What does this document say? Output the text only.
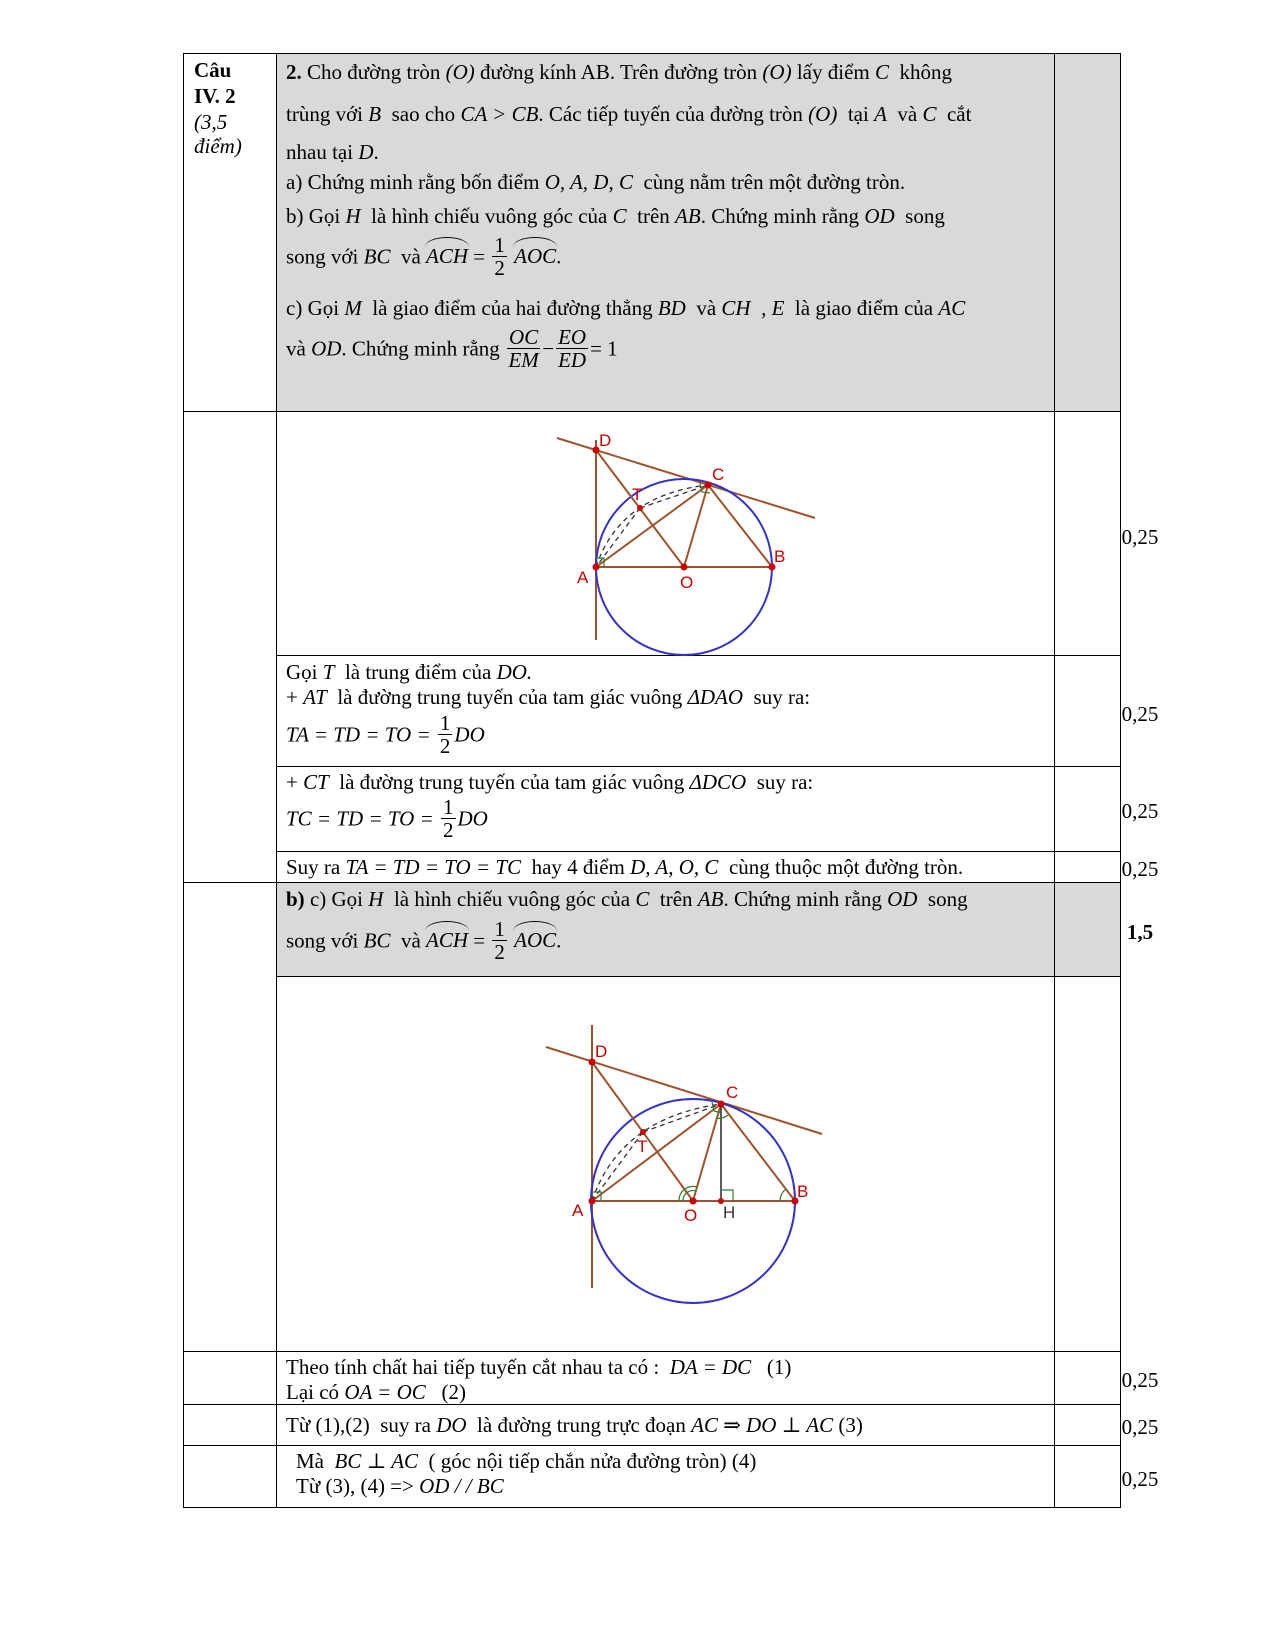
Câu
IV. 2
(3,5
điểm)
2. Cho đường tròn (O) đường kính AB. Trên đường tròn (O) lấy điểm C không
trùng với B sao cho CA > CB. Các tiếp tuyến của đường tròn (O) tại A và C cắt
nhau tại D.
a) Chứng minh rằng bốn điểm O, A, D, C cùng nằm trên một đường tròn.
b) Gọi H là hình chiếu vuông góc của C trên AB. Chứng minh rằng OD song
song với BC và ACH = $\frac{1}{2}$ AOC.
c) Gọi M là giao điểm của hai đường thẳng BD và CH , E là giao điểm của AC
và OD. Chứng minh rằng $\frac{OC}{EM} - \frac{EO}{ED} = 1$
D
C
T
B
A	O
Gọi T là trung điểm của DO.
+ AT là đường trung tuyến của tam giác vuông ΔDAO suy ra:
TA = TD = TO = $\frac{1}{2}$ DO
+ CT là đường trung tuyến của tam giác vuông ΔDCO suy ra:
TC = TD = TO = $\frac{1}{2}$ DO
Suy ra TA = TD = TO = TC hay 4 điểm D, A, O, C cùng thuộc một đường tròn.
b) c) Gọi H là hình chiếu vuông góc của C trên AB. Chứng minh rằng OD song
song với BC và ACH = $\frac{1}{2}$ AOC.
D
C
T
B
A	O H
Theo tính chất hai tiếp tuyến cắt nhau ta có : DA = DC (1)
Lại có OA = OC (2)
Từ (1),(2) suy ra DO là đường trung trực đoạn AC ⇒ DO ⊥ AC (3)
Mà BC ⊥ AC ( góc nội tiếp chắn nửa đường tròn) (4)
Từ (3), (4) => OD / / BC
0,25
0,25
0,25
0,25
1,5
0,25
0,25
0,25
